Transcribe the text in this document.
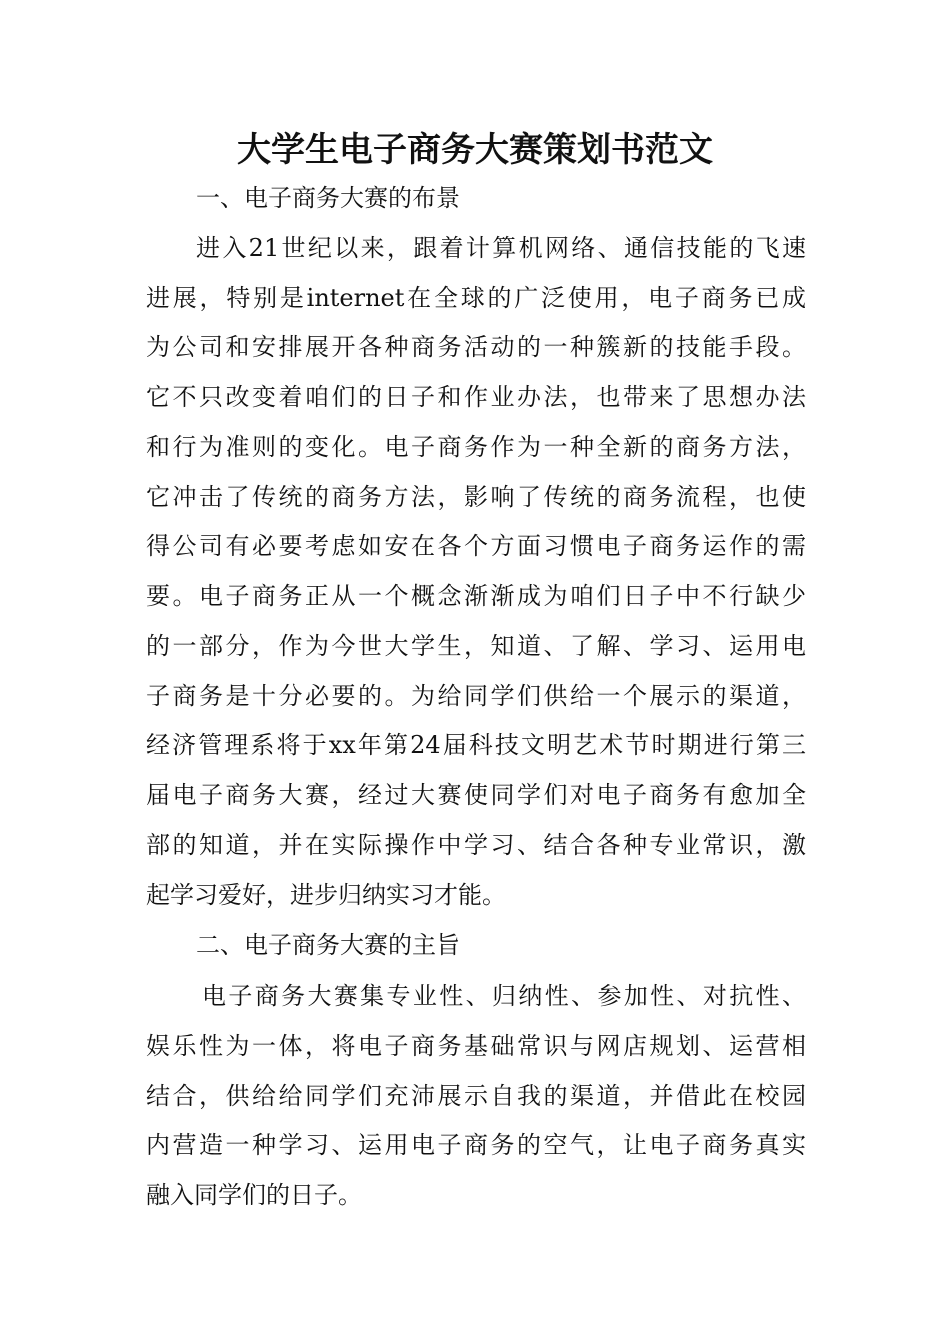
大学生电子商务大赛策划书范文
一、电子商务大赛的布景
进入21世纪以来，跟着计算机网络、通信技能的飞速
进展，特别是internet在全球的广泛使用，电子商务已成
为公司和安排展开各种商务活动的一种簇新的技能手段。
它不只改变着咱们的日子和作业办法，也带来了思想办法
和行为准则的变化。电子商务作为一种全新的商务方法，
它冲击了传统的商务方法，影响了传统的商务流程，也使
得公司有必要考虑如安在各个方面习惯电子商务运作的需
要。电子商务正从一个概念渐渐成为咱们日子中不行缺少
的一部分，作为今世大学生，知道、了解、学习、运用电
子商务是十分必要的。为给同学们供给一个展示的渠道，
经济管理系将于xx年第24届科技文明艺术节时期进行第三
届电子商务大赛，经过大赛使同学们对电子商务有愈加全
部的知道，并在实际操作中学习、结合各种专业常识，激
起学习爱好，进步归纳实习才能。
二、电子商务大赛的主旨
电子商务大赛集专业性、归纳性、参加性、对抗性、
娱乐性为一体，将电子商务基础常识与网店规划、运营相
结合，供给给同学们充沛展示自我的渠道，并借此在校园
内营造一种学习、运用电子商务的空气，让电子商务真实
融入同学们的日子。
